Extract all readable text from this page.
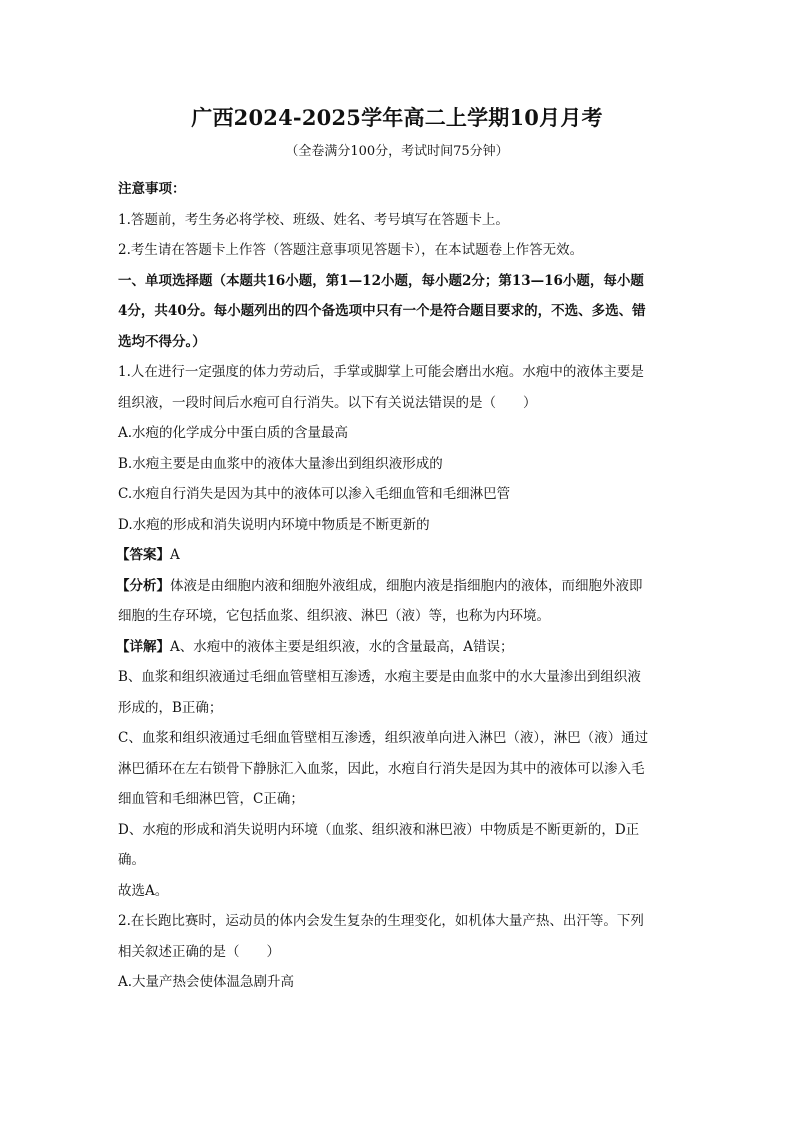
广西2024-2025学年高二上学期10月月考
（全卷满分100分，考试时间75分钟）
注意事项：
1.答题前，考生务必将学校、班级、姓名、考号填写在答题卡上。
2.考生请在答题卡上作答（答题注意事项见答题卡），在本试题卷上作答无效。
一、单项选择题（本题共16小题，第1—12小题，每小题2分；第13—16小题，每小题
4分，共40分。每小题列出的四个备选项中只有一个是符合题目要求的，不选、多选、错
选均不得分。）
1.人在进行一定强度的体力劳动后，手掌或脚掌上可能会磨出水疱。水疱中的液体主要是
组织液，一段时间后水疱可自行消失。以下有关说法错误的是（　　）
A.水疱的化学成分中蛋白质的含量最高
B.水疱主要是由血浆中的液体大量渗出到组织液形成的
C.水疱自行消失是因为其中的液体可以渗入毛细血管和毛细淋巴管
D.水疱的形成和消失说明内环境中物质是不断更新的
【答案】A
【分析】体液是由细胞内液和细胞外液组成，细胞内液是指细胞内的液体，而细胞外液即
细胞的生存环境，它包括血浆、组织液、淋巴（液）等，也称为内环境。
【详解】A、水疱中的液体主要是组织液，水的含量最高，A错误；
B、血浆和组织液通过毛细血管壁相互渗透，水疱主要是由血浆中的水大量渗出到组织液
形成的，B正确；
C、血浆和组织液通过毛细血管壁相互渗透，组织液单向进入淋巴（液），淋巴（液）通过
淋巴循环在左右锁骨下静脉汇入血浆，因此，水疱自行消失是因为其中的液体可以渗入毛
细血管和毛细淋巴管，C正确；
D、水疱的形成和消失说明内环境（血浆、组织液和淋巴液）中物质是不断更新的，D正
确。
故选A。
2.在长跑比赛时，运动员的体内会发生复杂的生理变化，如机体大量产热、出汗等。下列
相关叙述正确的是（　　）
A.大量产热会使体温急剧升高
